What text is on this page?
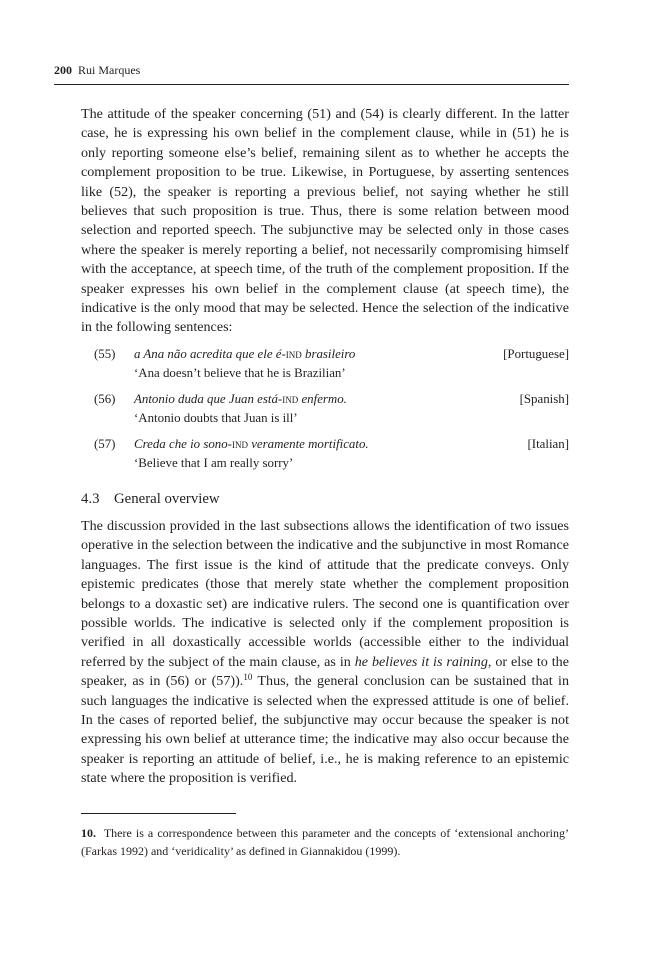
200 Rui Marques

The attitude of the speaker concerning (51) and (54) is clearly different. In the latter case, he is expressing his own belief in the complement clause, while in (51) he is only reporting someone else’s belief, remaining silent as to whether he accepts the complement proposition to be true. Likewise, in Portuguese, by asserting sentences like (52), the speaker is reporting a previous belief, not saying whether he still believes that such proposition is true. Thus, there is some relation between mood selection and reported speech. The subjunctive may be selected only in those cases where the speaker is merely reporting a belief, not necessarily compromising himself with the acceptance, at speech time, of the truth of the complement proposition. If the speaker expresses his own belief in the complement clause (at speech time), the indicative is the only mood that may be selected. Hence the selection of the indicative in the following sentences:

(55) a Ana não acredita que ele é-ind brasileiro	[Portuguese]
‘Ana doesn’t believe that he is Brazilian’
(56) Antonio duda que Juan está-ind enfermo.	[Spanish]
‘Antonio doubts that Juan is ill’
(57) Creda che io sono-ind veramente mortificato.	[Italian]
‘Believe that I am really sorry’
4.3 General overview

The discussion provided in the last subsections allows the identification of two issues operative in the selection between the indicative and the subjunctive in most Romance languages. The first issue is the kind of attitude that the predicate conveys. Only epistemic predicates (those that merely state whether the complement proposition belongs to a doxastic set) are indicative rulers. The second one is quantification over possible worlds. The indicative is selected only if the complement proposition is verified in all doxastically accessible worlds (accessible either to the individual referred by the subject of the main clause, as in he believes it is raining, or else to the speaker, as in (56) or (57)).$^{10}$ Thus, the general conclusion can be sustained that in such languages the indicative is selected when the expressed attitude is one of belief. In the cases of reported belief, the subjunctive may occur because the speaker is not expressing his own belief at utterance time; the indicative may also occur because the speaker is reporting an attitude of belief, i.e., he is making reference to an epistemic state where the proposition is verified.

10. There is a correspondence between this parameter and the concepts of ‘extensional anchoring’ (Farkas 1992) and ‘veridicality’ as defined in Giannakidou (1999).
